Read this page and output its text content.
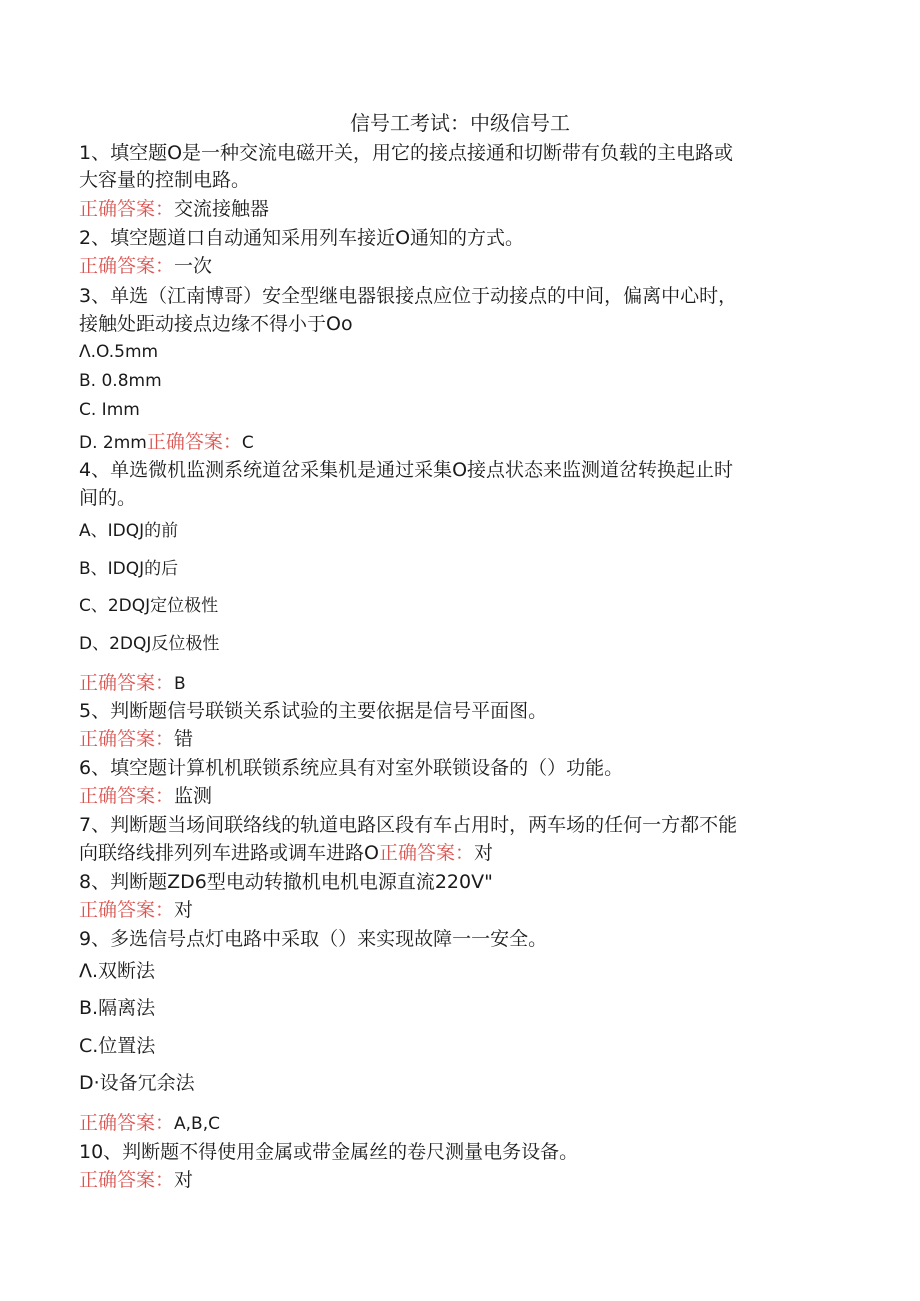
信号工考试：中级信号工
1、填空题O是一种交流电磁开关，用它的接点接通和切断带有负载的主电路或
大容量的控制电路。
正确答案：交流接触器
2、填空题道口自动通知采用列车接近O通知的方式。
正确答案：一次
3、单选（江南博哥）安全型继电器银接点应位于动接点的中间，偏离中心时，
接触处距动接点边缘不得小于Oo
Λ.O.5mm
B. 0.8mm
C. Imm
D. 2mm正确答案：C
4、单选微机监测系统道岔采集机是通过采集O接点状态来监测道岔转换起止时
间的。
A、IDQJ的前
B、IDQJ的后
C、2DQJ定位极性
D、2DQJ反位极性
正确答案：B
5、判断题信号联锁关系试验的主要依据是信号平面图。
正确答案：错
6、填空题计算机机联锁系统应具有对室外联锁设备的（）功能。
正确答案：监测
7、判断题当场间联络线的轨道电路区段有车占用时，两车场的任何一方都不能
向联络线排列列车进路或调车进路O正确答案：对
8、判断题ZD6型电动转撤机电机电源直流220V"
正确答案：对
9、多选信号点灯电路中采取（）来实现故障一一安全。
Λ.双断法
B.隔离法
C.位置法
D·设备冗余法
正确答案：A,B,C
10、判断题不得使用金属或带金属丝的卷尺测量电务设备。
正确答案：对
